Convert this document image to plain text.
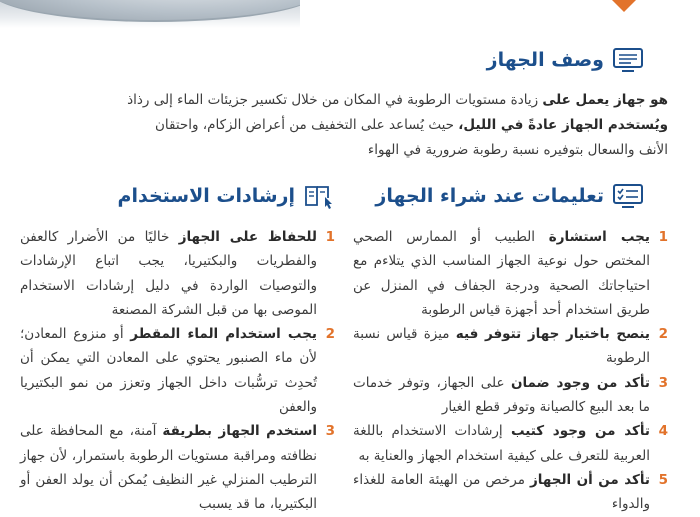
وصف الجهاز

هو جهاز يعمل على زيادة مستويات الرطوبة في المكان من خلال تكسير جزيئات الماء إلى رذاذ

ويُستخدم الجهاز عادةً في الليل، حيث يُساعد على التخفيف من أعراض الزكام، واحتقان

الأنف والسعال بتوفيره نسبة رطوبة ضرورية في الهواء

تعليمات عند شراء الجهاز
1
يجب استشارة الطبيب أو الممارس الصحي المختص حول نوعية الجهاز المناسب الذي يتلاءم مع احتياجاتك الصحية ودرجة الجفاف في المنزل عن طريق استخدام أحد أجهزة قياس الرطوبة
2
ينصح باختيار جهاز تتوفر فيه ميزة قياس نسبة الرطوبة
3
تأكد من وجود ضمان على الجهاز، وتوفر خدمات ما بعد البيع كالصيانة وتوفر قطع الغيار
4
تأكد من وجود كتيب إرشادات الاستخدام باللغة العربية للتعرف على كيفية استخدام الجهاز والعناية به
5
تأكد من أن الجهاز مرخص من الهيئة العامة للغذاء والدواء
إرشادات الاستخدام
1
للحفاظ على الجهاز خاليًا من الأضرار كالعفن والفطريات والبكتيريا، يجب اتباع الإرشادات والتوصيات الواردة في دليل إرشادات الاستخدام الموصى بها من قبل الشركة المصنعة
2
يجب استخدام الماء المقطر أو منزوع المعادن؛ لأن ماء الصنبور يحتوي على المعادن التي يمكن أن تُحدِث ترسُّبات داخل الجهاز وتعزز من نمو البكتيريا والعفن
3
استخدم الجهاز بطريقة آمنة، مع المحافظة على نظافته ومراقبة مستويات الرطوبة باستمرار، لأن جهاز الترطيب المنزلي غير النظيف يُمكن أن يولد العفن أو البكتيريا، ما قد يسبب
